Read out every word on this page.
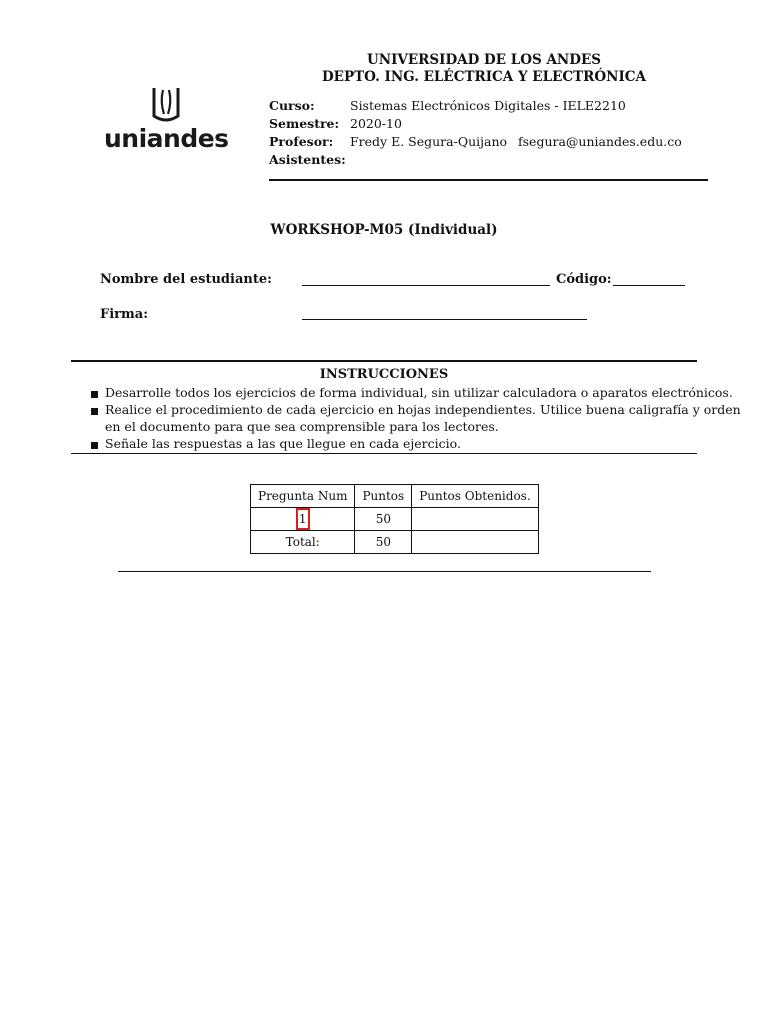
uniandes
UNIVERSIDAD DE LOS ANDES
DEPTO. ING. ELÉCTRICA Y ELECTRÓNICA
Curso:	Sistemas Electrónicos Digitales - IELE2210
Semestre: 2020-10
Profesor: Fredy E. Segura-Quijano fsegura@uniandes.edu.co
Asistentes:
WORKSHOP-M05 (Individual)
Nombre del estudiante:	Código:
Firma:
INSTRUCCIONES
Desarrolle todos los ejercicios de forma individual, sin utilizar calculadora o aparatos electrónicos.
Realice el procedimiento de cada ejercicio en hojas independientes. Utilice buena caligrafía y orden
en el documento para que sea comprensible para los lectores.
Señale las respuestas a las que llegue en cada ejercicio.
Pregunta Num	Puntos	Puntos Obtenidos.
1	50	
Total:	50	
